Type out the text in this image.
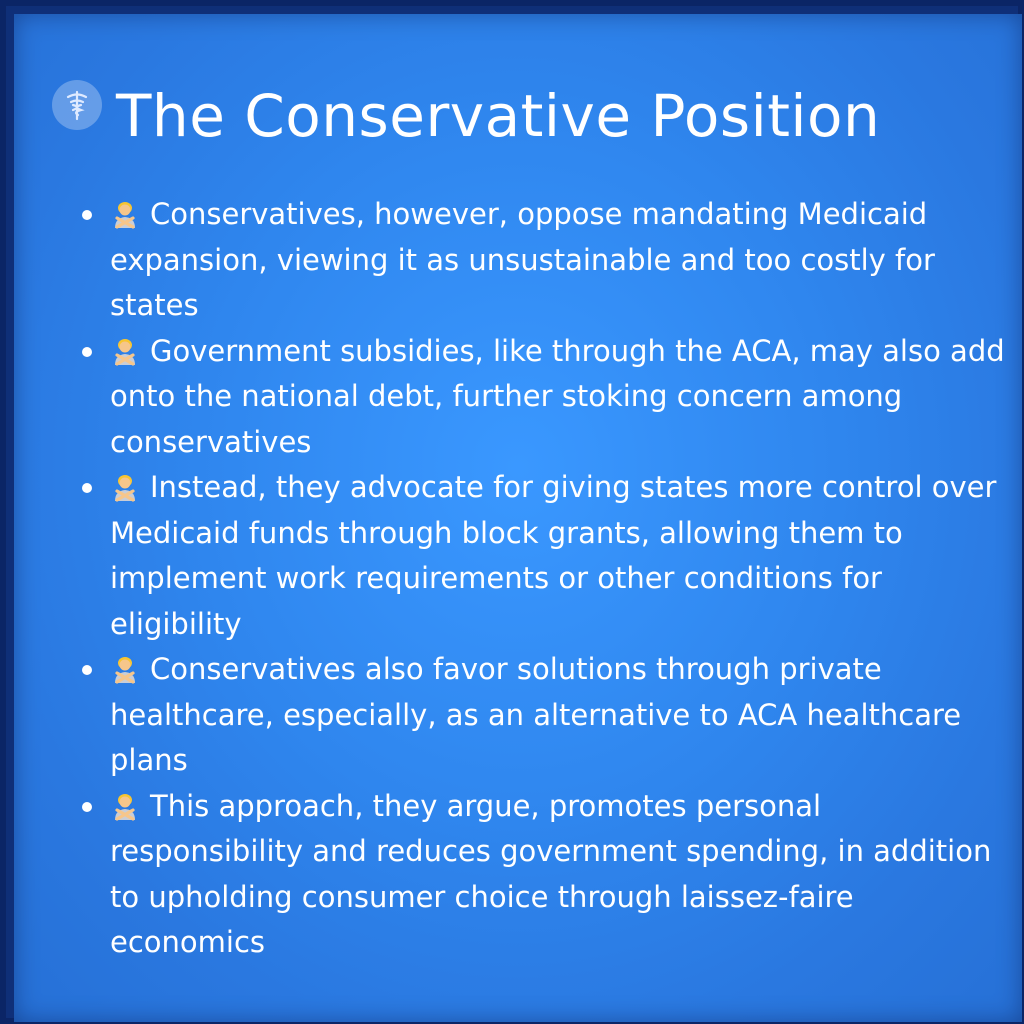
The Conservative Position
Conservatives, however, oppose mandating Medicaid expansion, viewing it as unsustainable and too costly for states
Government subsidies, like through the ACA, may also add onto the national debt, further stoking concern among conservatives
Instead, they advocate for giving states more control over Medicaid funds through block grants, allowing them to implement work requirements or other conditions for eligibility
Conservatives also favor solutions through private healthcare, especially, as an alternative to ACA healthcare plans
This approach, they argue, promotes personal responsibility and reduces government spending, in addition to upholding consumer choice through laissez-faire economics
